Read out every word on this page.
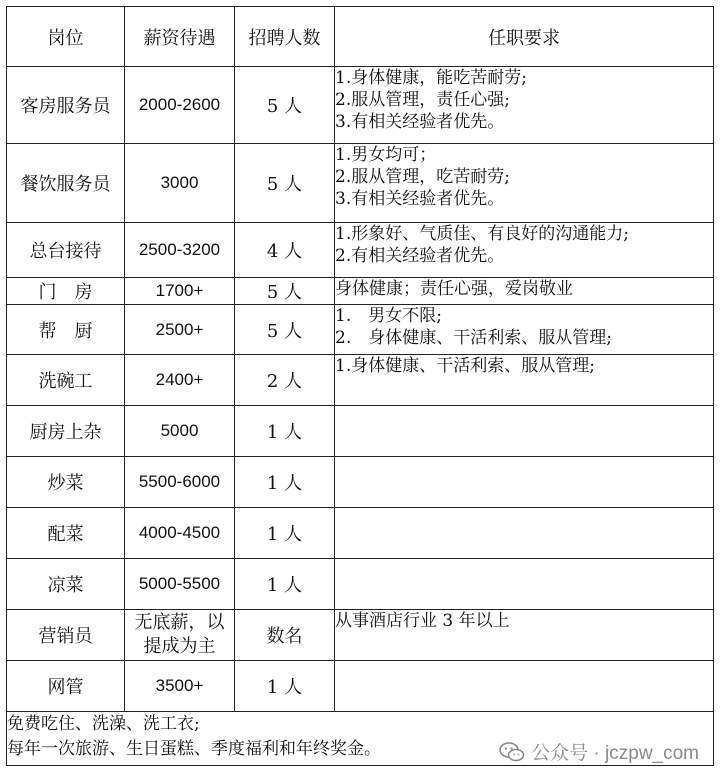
岗位	薪资待遇	招聘人数	任职要求
客房服务员	2000-2600	5 人	1.身体健康，能吃苦耐劳;
2.服从管理，责任心强;
3.有相关经验者优先。

餐饮服务员	3000	5 人	1.男女均可；
2.服从管理，吃苦耐劳;
3.有相关经验者优先。

总台接待	2500-3200	4 人	1.形象好、气质佳、有良好的沟通能力;
2.有相关经验者优先。

门　房	1700+	5 人	身体健康；责任心强，爱岗敬业

帮　厨	2500+	5 人	1.　男女不限;
2.　身体健康、干活利索、服从管理;

洗碗工	2400+	2 人	1.身体健康、干活利索、服从管理;

厨房上杂	5000	1 人	
炒菜	5500-6000	1 人	
配菜	4000-4500	1 人	
凉菜	5000-5500	1 人	
营销员	无底薪，以
提成为主	数名	从事酒店行业 3 年以上

网管	3500+	1 人	

免费吃住、洗澡、洗工衣;
每年一次旅游、生日蛋糕、季度福利和年终奖金。				公众号 · jczpw_com
